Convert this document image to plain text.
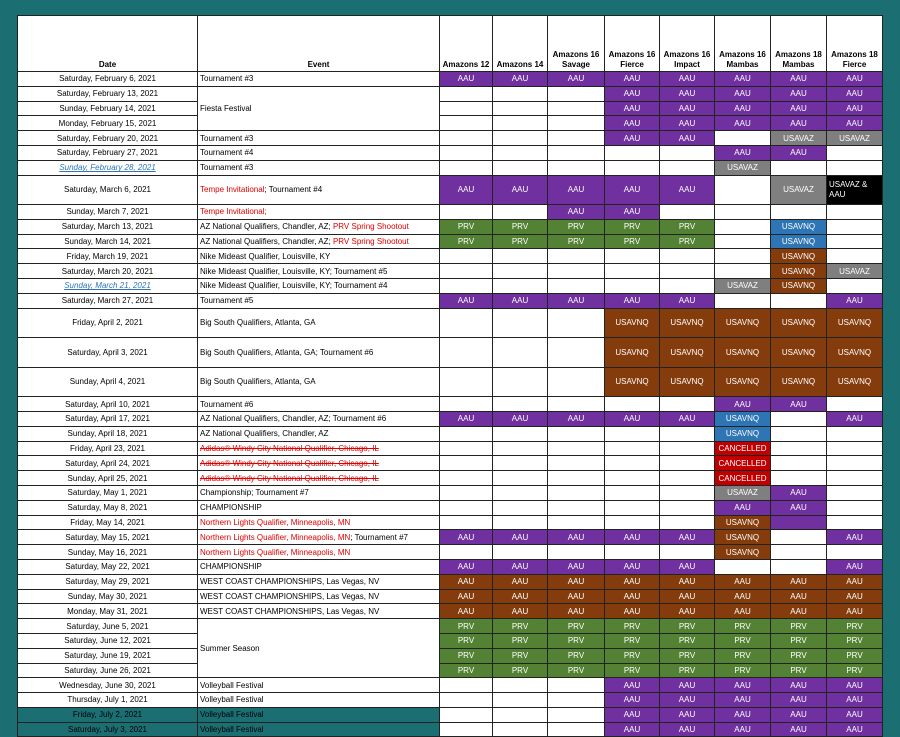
Date	Event	Amazons 12	Amazons 14	Amazons 16 Savage	Amazons 16 Fierce	Amazons 16 Impact	Amazons 16 Mambas	Amazons 18 Mambas	Amazons 18 Fierce
Saturday, February 6, 2021	Tournament #3	AAU	AAU	AAU	AAU	AAU	AAU	AAU	AAU
Saturday, February 13, 2021	Fiesta Festival				AAU	AAU	AAU	AAU	AAU
Sunday, February 14, 2021					AAU	AAU	AAU	AAU	AAU
Monday, February 15, 2021					AAU	AAU	AAU	AAU	AAU
Saturday, February 20, 2021	Tournament #3				AAU	AAU		USAVAZ	USAVAZ
Saturday, February 27, 2021	Tournament #4						AAU	AAU	
Sunday, February 28, 2021	Tournament #3						USAVAZ		
Saturday, March 6, 2021	Tempe Invitational; Tournament #4	AAU	AAU	AAU	AAU	AAU		USAVAZ	USAVAZ & AAU
Sunday, March 7, 2021	Tempe Invitational;			AAU	AAU				
Saturday, March 13, 2021	AZ National Qualifiers, Chandler, AZ; PRV Spring Shootout	PRV	PRV	PRV	PRV	PRV		USAVNQ	
Sunday, March 14, 2021	AZ National Qualifiers, Chandler, AZ; PRV Spring Shootout	PRV	PRV	PRV	PRV	PRV		USAVNQ	
Friday, March 19, 2021	Nike Mideast Qualifier, Louisville, KY							USAVNQ	
Saturday, March 20, 2021	Nike Mideast Qualifier, Louisville, KY; Tournament #5							USAVNQ	USAVAZ
Sunday, March 21, 2021	Nike Mideast Qualifier, Louisville, KY; Tournament #4						USAVAZ	USAVNQ	
Saturday, March 27, 2021	Tournament #5	AAU	AAU	AAU	AAU	AAU			AAU
Friday, April 2, 2021	Big South Qualifiers, Atlanta, GA				USAVNQ	USAVNQ	USAVNQ	USAVNQ	USAVNQ
Saturday, April 3, 2021	Big South Qualifiers, Atlanta, GA; Tournament #6				USAVNQ	USAVNQ	USAVNQ	USAVNQ	USAVNQ
Sunday, April 4, 2021	Big South Qualifiers, Atlanta, GA				USAVNQ	USAVNQ	USAVNQ	USAVNQ	USAVNQ
Saturday, April 10, 2021	Tournament #6						AAU	AAU	
Saturday, April 17, 2021	AZ National Qualifiers, Chandler, AZ; Tournament #6	AAU	AAU	AAU	AAU	AAU	USAVNQ		AAU
Sunday, April 18, 2021	AZ National Qualifiers, Chandler, AZ						USAVNQ		
Friday, April 23, 2021	Adidas® Windy City National Qualifier, Chicago, IL						CANCELLED		
Saturday, April 24, 2021	Adidas® Windy City National Qualifier, Chicago, IL						CANCELLED		
Sunday, April 25, 2021	Adidas® Windy City National Qualifier, Chicago, IL						CANCELLED		
Saturday, May 1, 2021	Championship; Tournament #7						USAVAZ	AAU	
Saturday, May 8, 2021	CHAMPIONSHIP						AAU	AAU	
Friday, May 14, 2021	Northern Lights Qualifier, Minneapolis, MN						USAVNQ		
Saturday, May 15, 2021	Northern Lights Qualifier, Minneapolis, MN; Tournament #7	AAU	AAU	AAU	AAU	AAU	USAVNQ		AAU
Sunday, May 16, 2021	Northern Lights Qualifier, Minneapolis, MN						USAVNQ		
Saturday, May 22, 2021	CHAMPIONSHIP	AAU	AAU	AAU	AAU	AAU			AAU
Saturday, May 29, 2021	WEST COAST CHAMPIONSHIPS, Las Vegas, NV	AAU	AAU	AAU	AAU	AAU	AAU	AAU	AAU
Sunday, May 30, 2021	WEST COAST CHAMPIONSHIPS, Las Vegas, NV	AAU	AAU	AAU	AAU	AAU	AAU	AAU	AAU
Monday, May 31, 2021	WEST COAST CHAMPIONSHIPS, Las Vegas, NV	AAU	AAU	AAU	AAU	AAU	AAU	AAU	AAU
Saturday, June 5, 2021	Summer Season	PRV	PRV	PRV	PRV	PRV	PRV	PRV	PRV
Saturday, June 12, 2021		PRV	PRV	PRV	PRV	PRV	PRV	PRV	PRV
Saturday, June 19, 2021		PRV	PRV	PRV	PRV	PRV	PRV	PRV	PRV
Saturday, June 26, 2021		PRV	PRV	PRV	PRV	PRV	PRV	PRV	PRV
Wednesday, June 30, 2021	Volleyball Festival				AAU	AAU	AAU	AAU	AAU
Thursday, July 1, 2021	Volleyball Festival				AAU	AAU	AAU	AAU	AAU
Friday, July 2, 2021	Volleyball Festival				AAU	AAU	AAU	AAU	AAU
Saturday, July 3, 2021	Volleyball Festival				AAU	AAU	AAU	AAU	AAU
